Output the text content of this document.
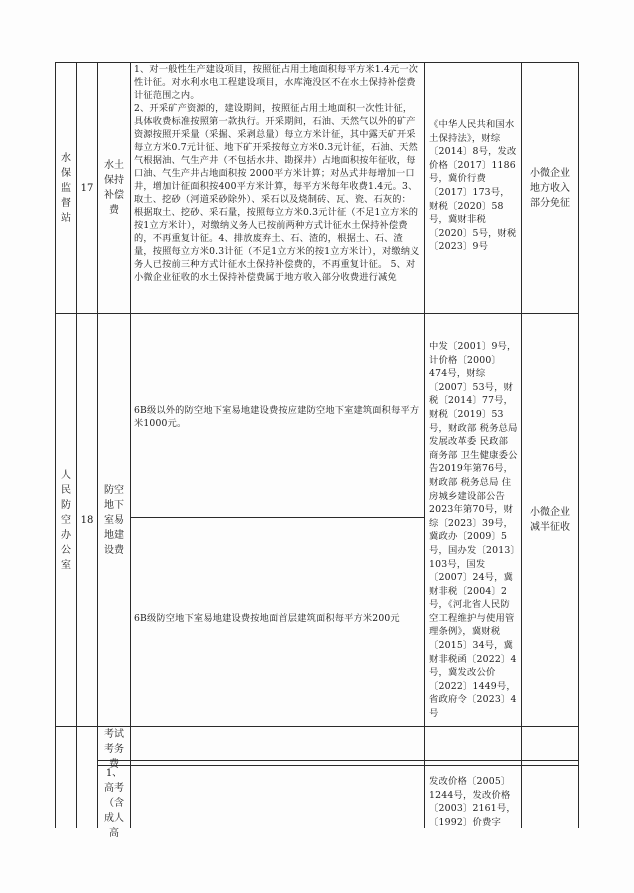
水保监督站
17
水土保持补偿费
1、对一般性生产建设项目，按照征占用土地面积每平方米1.4元一次性计征。对水利水电工程建设项目，水库淹没区不在水土保持补偿费计征范围之内。
2、开采矿产资源的，建设期间，按照征占用土地面积一次性计征，具体收费标准按照第一款执行。开采期间，石油、天然气以外的矿产资源按照开采量（采掘、采剥总量）每立方米计征，其中露天矿开采每立方米0.7元计征、地下矿开采按每立方米0.3元计征，石油、天然气根据油、气生产井（不包括水井、勘探井）占地面积按年征收，每口油、气生产井占地面积按 2000平方米计算；对丛式井每增加一口井，增加计征面积按400平方米计算，每平方米每年收费1.4元。3、取土、挖砂（河道采砂除外）、采石以及烧制砖、瓦、瓷、石灰的：根据取土、挖砂、采石量，按照每立方米0.3元计征（不足1立方米的按1立方米计），对缴纳义务人已按前两种方式计征水土保持补偿费的，不再重复计征。4、排放废弃土、石、渣的，根据土、石、渣量，按照每立方米0.3计征（不足1立方米的按1立方米计），对缴纳义务人已按前三种方式计征水土保持补偿费的，不再重复计征。 5、对小微企业征收的水土保持补偿费属于地方收入部分收费进行减免
《中华人民共和国水土保持法》，财综〔2014〕8号，发改价格〔2017〕1186号，冀价行费〔2017〕173号，财税〔2020〕58号，冀财非税〔2020〕5号，财税〔2023〕9号
小微企业地方收入部分免征
人民防空办公室
18
防空地下室易地建设费
6B级以外的防空地下室易地建设费按应建防空地下室建筑面积每平方米1000元。
6B级防空地下室易地建设费按地面首层建筑面积每平方米200元
中发〔2001〕9号，计价格〔2000〕474号，财综〔2007〕53号，财税〔2014〕77号，财税〔2019〕53号，财政部 税务总局 发展改革委 民政部 商务部 卫生健康委公告2019年第76号，财政部 税务总局 住房城乡建设部公告2023年第70号，财综〔2023〕39号，冀政办〔2009〕5号，国办发〔2013〕103号，国发〔2007〕24号，冀财非税〔2004〕2号，《河北省人民防空工程维护与使用管理条例》，冀财税〔2015〕34号，冀财非税函〔2022〕4号，冀发改公价〔2022〕1449号，省政府令〔2023〕4号
小微企业减半征收
考试考务费
1、高考（含成人高
发改价格〔2005〕1244号，发改价格〔2003〕2161号，〔1992〕价费字
